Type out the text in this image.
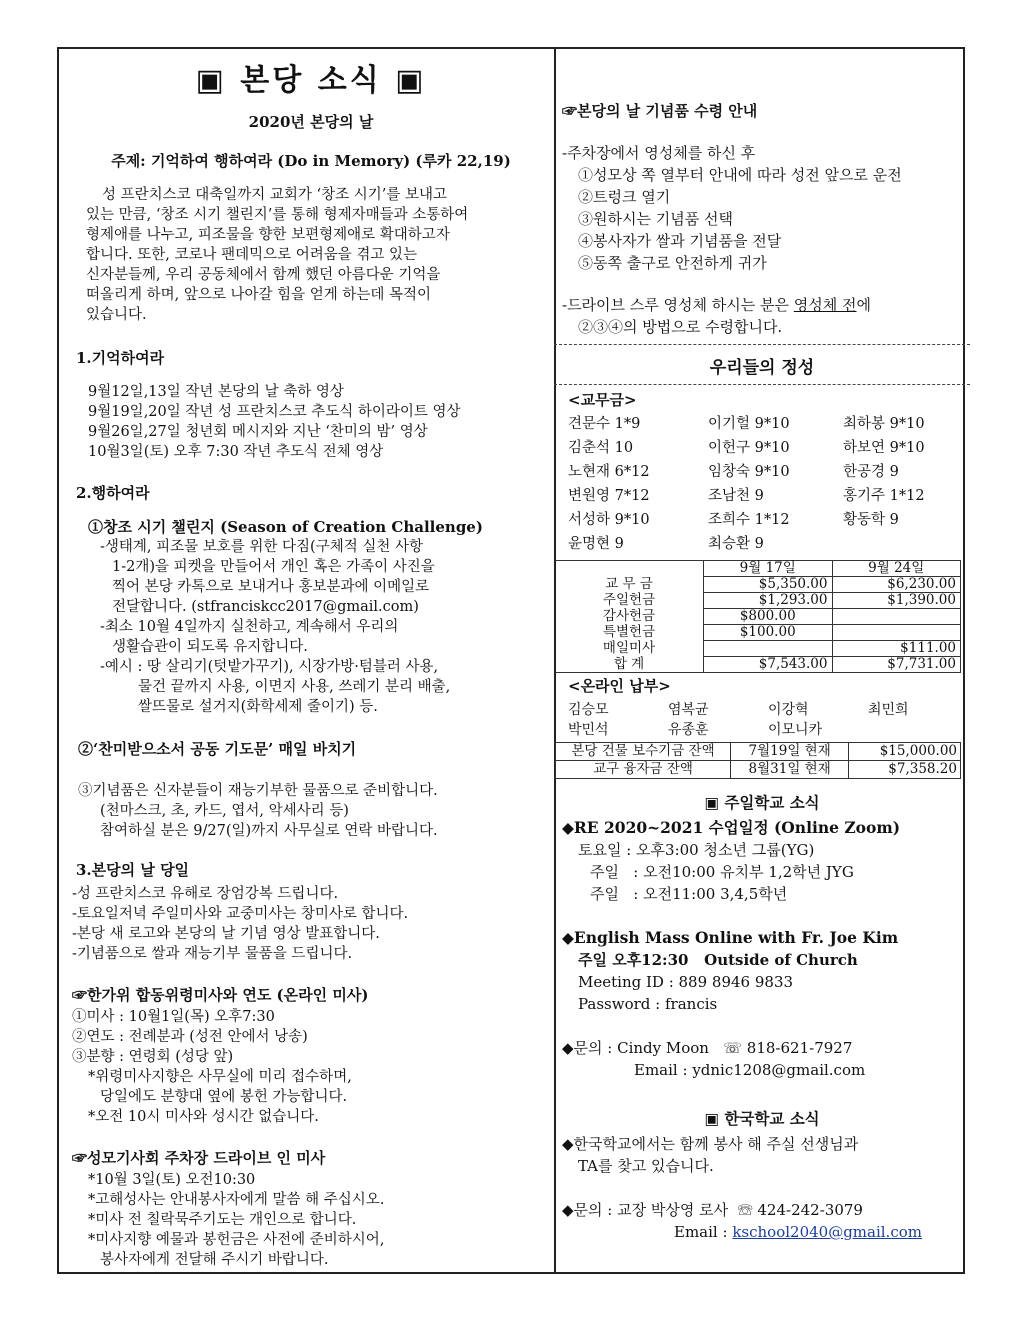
▣ 본당 소식 ▣
2020년 본당의 날
주제: 기억하여 행하여라 (Do in Memory) (루카 22,19)
성 프란치스코 대축일까지 교회가 ‘창조 시기’를 보내고
있는 만큼, ‘창조 시기 챌린지’를 통해 형제자매들과 소통하여
형제애를 나누고, 피조물을 향한 보편형제애로 확대하고자
합니다. 또한, 코로나 팬데믹으로 어려움을 겪고 있는
신자분들께, 우리 공동체에서 함께 했던 아름다운 기억을
떠올리게 하며, 앞으로 나아갈 힘을 얻게 하는데 목적이
있습니다.
1.기억하여라
9월12일,13일 작년 본당의 날 축하 영상
9월19일,20일 작년 성 프란치스코 추도식 하이라이트 영상
9월26일,27일 청년회 메시지와 지난 ‘찬미의 밤’ 영상
10월3일(토) 오후 7:30 작년 추도식 전체 영상
2.행하여라
①창조 시기 챌린지 (Season of Creation Challenge)
-생태계, 피조물 보호를 위한 다짐(구체적 실천 사항
1-2개)을 피켓을 만들어서 개인 혹은 가족이 사진을
찍어 본당 카톡으로 보내거나 홍보분과에 이메일로
전달합니다. (stfranciskcc2017@gmail.com)
-최소 10월 4일까지 실천하고, 계속해서 우리의
생활습관이 되도록 유지합니다.
-예시 : 땅 살리기(텃밭가꾸기), 시장가방·텀블러 사용,
물건 끝까지 사용, 이면지 사용, 쓰레기 분리 배출,
쌀뜨물로 설거지(화학세제 줄이기) 등.
②‘찬미받으소서 공동 기도문’ 매일 바치기
③기념품은 신자분들이 재능기부한 물품으로 준비합니다.
(천마스크, 초, 카드, 엽서, 악세사리 등)
참여하실 분은 9/27(일)까지 사무실로 연락 바랍니다.
3.본당의 날 당일
-성 프란치스코 유해로 장엄강복 드립니다.
-토요일저녁 주일미사와 교중미사는 창미사로 합니다.
-본당 새 로고와 본당의 날 기념 영상 발표합니다.
-기념품으로 쌀과 재능기부 물품을 드립니다.
☞한가위 합동위령미사와 연도 (온라인 미사)
①미사 : 10월1일(목) 오후7:30
②연도 : 전례분과 (성전 안에서 낭송)
③분향 : 연령회 (성당 앞)
*위령미사지향은 사무실에 미리 접수하며,
당일에도 분향대 옆에 봉헌 가능합니다.
*오전 10시 미사와 성시간 없습니다.
☞성모기사회 주차장 드라이브 인 미사
*10월 3일(토) 오전10:30
*고해성사는 안내봉사자에게 말씀 해 주십시오.
*미사 전 칠락묵주기도는 개인으로 합니다.
*미사지향 예물과 봉헌금은 사전에 준비하시어,
봉사자에게 전달해 주시기 바랍니다.
☞본당의 날 기념품 수령 안내
-주차장에서 영성체를 하신 후
①성모상 쪽 열부터 안내에 따라 성전 앞으로 운전
②트렁크 열기
③원하시는 기념품 선택
④봉사자가 쌀과 기념품을 전달
⑤동쪽 출구로 안전하게 귀가
-드라이브 스루 영성체 하시는 분은 영성체 전에
②③④의 방법으로 수령합니다.
우리들의 정성
<교무금>
견문수 1*9	이기헐 9*10	최하봉 9*10
김춘석 10	이헌구 9*10	하보연 9*10
노현재 6*12	임창숙 9*10	한공경 9
변원영 7*12	조남천 9	홍기주 1*12
서성하 9*10	조희수 1*12	황동학 9
윤명현 9	최승환 9
	9월 17일	9월 24일
교 무 금	$5,350.00	$6,230.00
주일헌금	$1,293.00	$1,390.00
감사헌금	$800.00	
특별헌금	$100.00	
매일미사		$111.00
합 계	$7,543.00	$7,731.00
<온라인 납부>
김승모	염복균	이강혁	최민희
박민석	유종훈	이모니카
본당 건물 보수기금 잔액	7월19일 현재	$15,000.00
교구 융자금 잔액	8월31일 현재	$7,358.20
▣ 주일학교 소식
◆RE 2020~2021 수업일정 (Online Zoom)
토요일 : 오후3:00 청소년 그룹(YG)
주일   : 오전10:00 유치부 1,2학년 JYG
주일   : 오전11:00 3,4,5학년
◆English Mass Online with Fr. Joe Kim
주일 오후12:30   Outside of Church
Meeting ID : 889 8946 9833
Password : francis
◆문의 : Cindy Moon   ☏ 818-621-7927
Email : ydnic1208@gmail.com
▣ 한국학교 소식
◆한국학교에서는 함께 봉사 해 주실 선생님과
TA를 찾고 있습니다.
◆문의 : 교장 박상영 로사  ☏ 424-242-3079
Email : kschool2040@gmail.com
